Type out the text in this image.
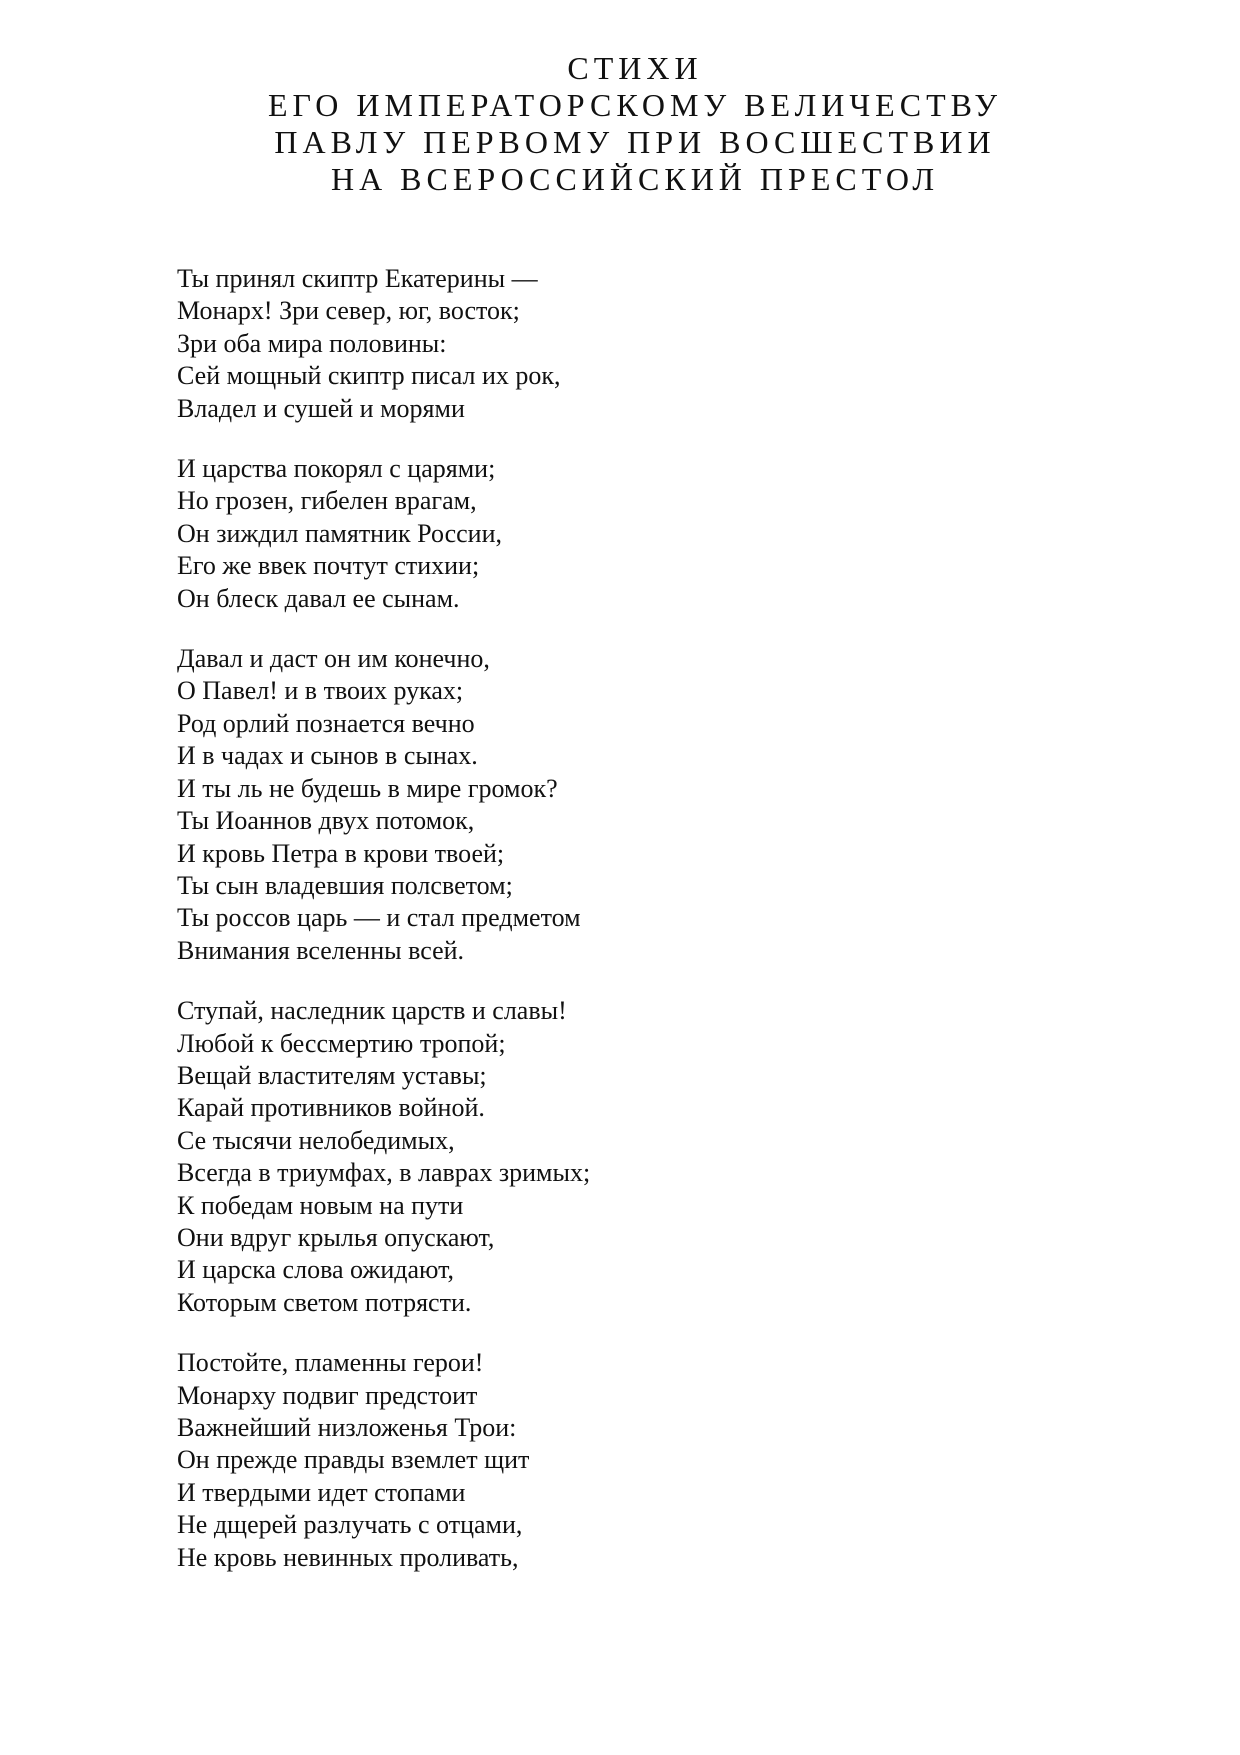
СТИХИ
ЕГО ИМПЕРАТОРСКОМУ ВЕЛИЧЕСТВУ
ПАВЛУ ПЕРВОМУ ПРИ ВОСШЕСТВИИ
НА ВСЕРОССИЙСКИЙ ПРЕСТОЛ
Ты принял скиптр Екатерины —
Монарх! Зри север, юг, восток;
Зри оба мира половины:
Сей мощный скиптр писал их рок,
Владел и сушей и морями
И царства покорял с царями;
Но грозен, гибелен врагам,
Он зиждил памятник России,
Его же ввек почтут стихии;
Он блеск давал ее сынам.
Давал и даст он им конечно,
О Павел! и в твоих руках;
Род орлий познается вечно
И в чадах и сынов в сынах.
И ты ль не будешь в мире громок?
Ты Иоаннов двух потомок,
И кровь Петра в крови твоей;
Ты сын владевшия полсветом;
Ты россов царь — и стал предметом
Внимания вселенны всей.
Ступай, наследник царств и славы!
Любой к бессмертию тропой;
Вещай властителям уставы;
Карай противников войной.
Се тысячи нелобедимых,
Всегда в триумфах, в лаврах зримых;
К победам новым на пути
Они вдруг крылья опускают,
И царска слова ожидают,
Которым светом потрясти.
Постойте, пламенны герои!
Монарху подвиг предстоит
Важнейший низложенья Трои:
Он прежде правды вземлет щит
И твердыми идет стопами
Не дщерей разлучать с отцами,
Не кровь невинных проливать,
